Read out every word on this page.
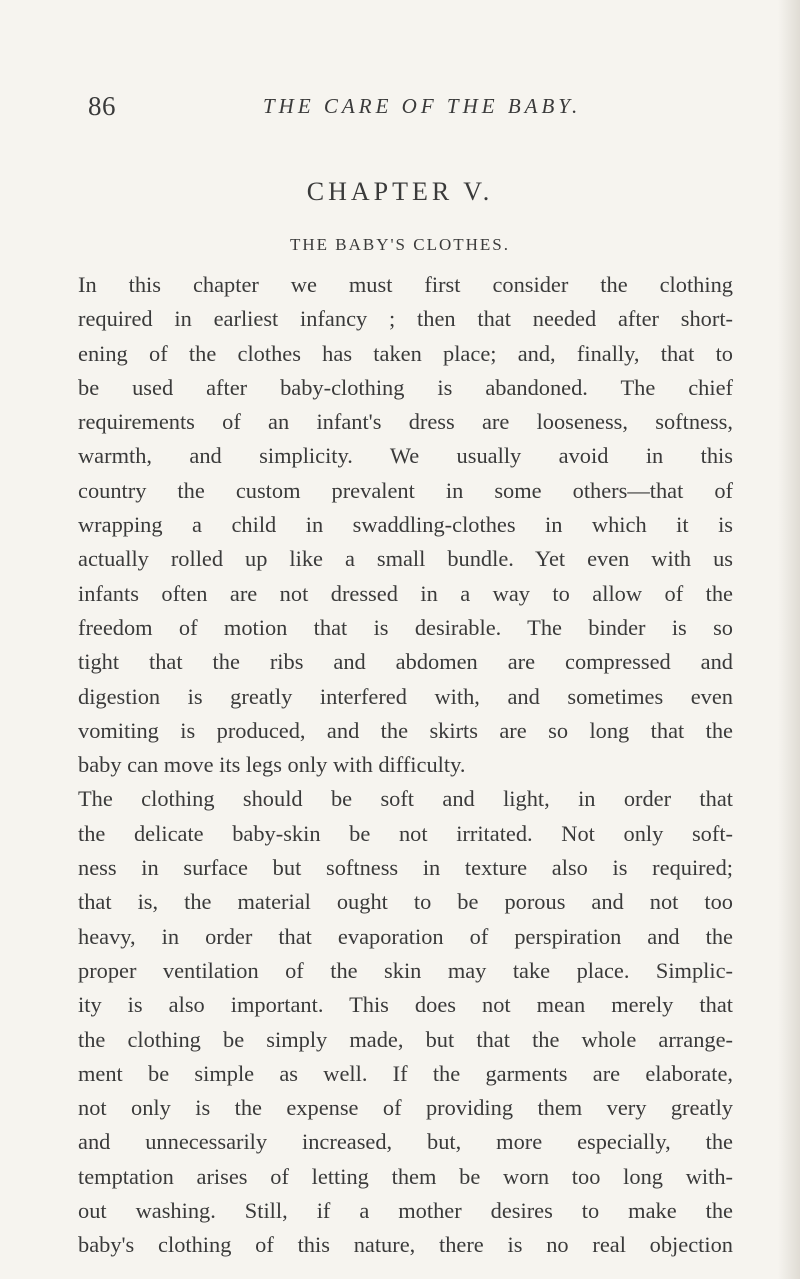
86	THE CARE OF THE BABY.
CHAPTER V.
THE BABY'S CLOTHES.
In this chapter we must first consider the clothing
required in earliest infancy ; then that needed after short-
ening of the clothes has taken place; and, finally, that to
be used after baby-clothing is abandoned. The chief
requirements of an infant's dress are looseness, softness,
warmth, and simplicity. We usually avoid in this
country the custom prevalent in some others—that of
wrapping a child in swaddling-clothes in which it is
actually rolled up like a small bundle. Yet even with us
infants often are not dressed in a way to allow of the
freedom of motion that is desirable. The binder is so
tight that the ribs and abdomen are compressed and
digestion is greatly interfered with, and sometimes even
vomiting is produced, and the skirts are so long that the
baby can move its legs only with difficulty.
The clothing should be soft and light, in order that
the delicate baby-skin be not irritated. Not only soft-
ness in surface but softness in texture also is required;
that is, the material ought to be porous and not too
heavy, in order that evaporation of perspiration and the
proper ventilation of the skin may take place. Simplic-
ity is also important. This does not mean merely that
the clothing be simply made, but that the whole arrange-
ment be simple as well. If the garments are elaborate,
not only is the expense of providing them very greatly
and unnecessarily increased, but, more especially, the
temptation arises of letting them be worn too long with-
out washing. Still, if a mother desires to make the
baby's clothing of this nature, there is no real objection
